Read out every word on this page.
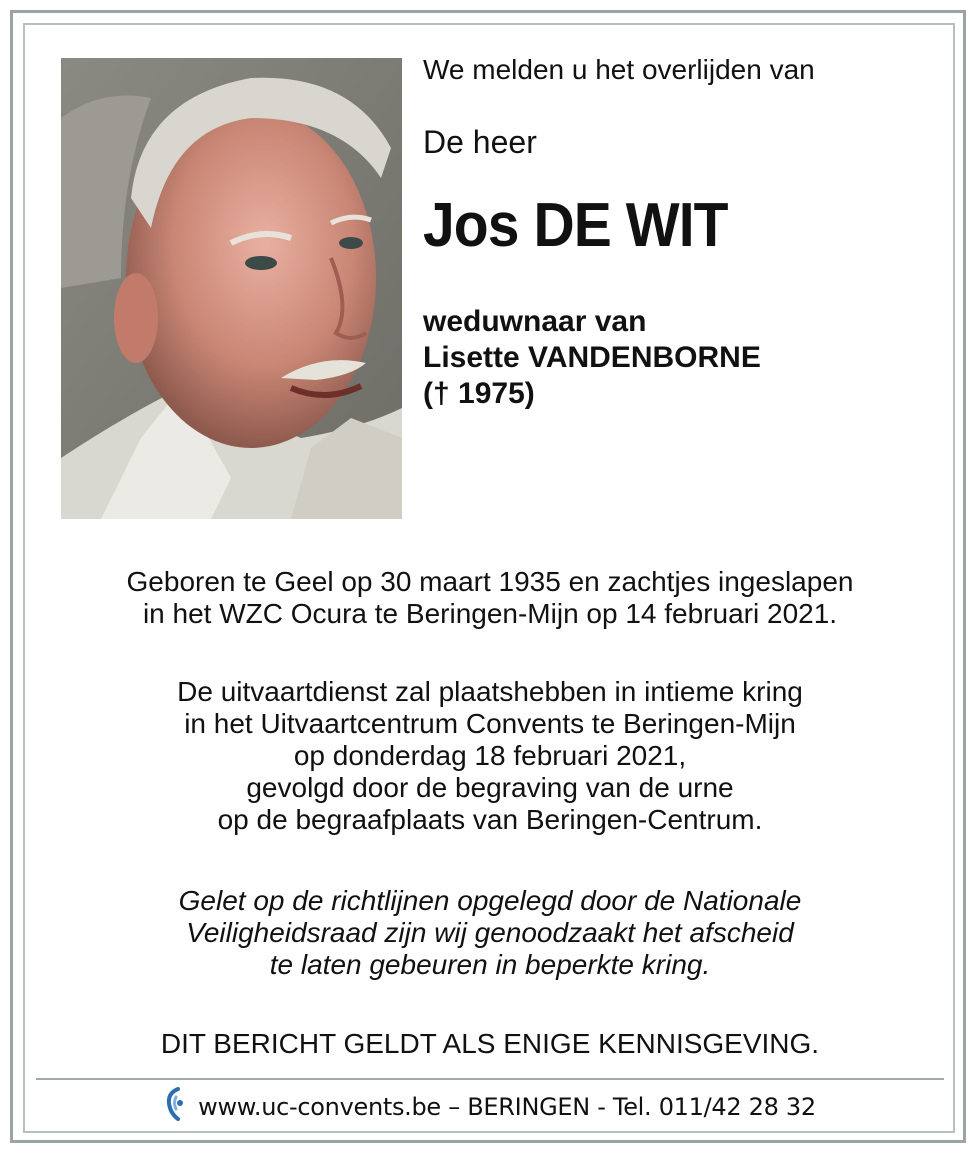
We melden u het overlijden van
De heer
Jos DE WIT
weduwnaar van
Lisette VANDENBORNE
(† 1975)
Geboren te Geel op 30 maart 1935 en zachtjes ingeslapen
in het WZC Ocura te Beringen-Mijn op 14 februari 2021.
De uitvaartdienst zal plaatshebben in intieme kring
in het Uitvaartcentrum Convents te Beringen-Mijn
op donderdag 18 februari 2021,
gevolgd door de begraving van de urne
op de begraafplaats van Beringen-Centrum.
Gelet op de richtlijnen opgelegd door de Nationale
Veiligheidsraad zijn wij genoodzaakt het afscheid
te laten gebeuren in beperkte kring.
DIT BERICHT GELDT ALS ENIGE KENNISGEVING.
www.uc-convents.be – BERINGEN - Tel. 011/42 28 32
